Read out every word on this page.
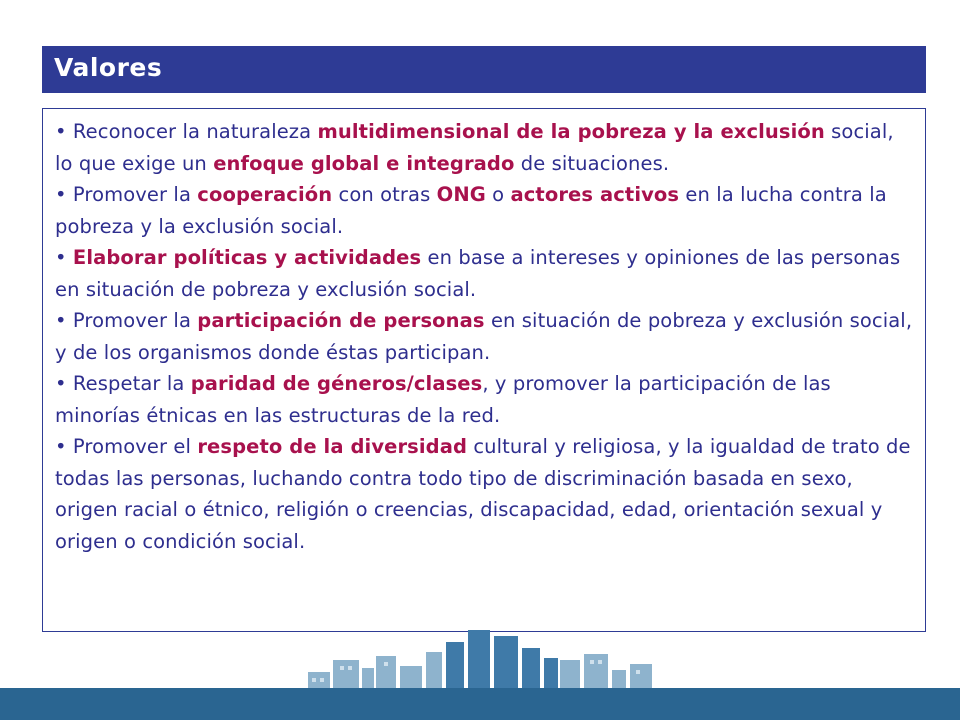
Valores

• Reconocer la naturaleza multidimensional de la pobreza y la exclusión social, lo que exige un enfoque global e integrado de situaciones.

• Promover la cooperación con otras ONG o actores activos en la lucha contra la pobreza y la exclusión social.

• Elaborar políticas y actividades en base a intereses y opiniones de las personas en situación de pobreza y exclusión social.

• Promover la participación de personas en situación de pobreza y exclusión social, y de los organismos donde éstas participan.

• Respetar la paridad de géneros/clases, y promover la participación de las minorías étnicas en las estructuras de la red.

• Promover el respeto de la diversidad cultural y religiosa, y la igualdad de trato de todas las personas, luchando contra todo tipo de discriminación basada en sexo, origen racial o étnico, religión o creencias, discapacidad, edad, orientación sexual y origen o condición social.
